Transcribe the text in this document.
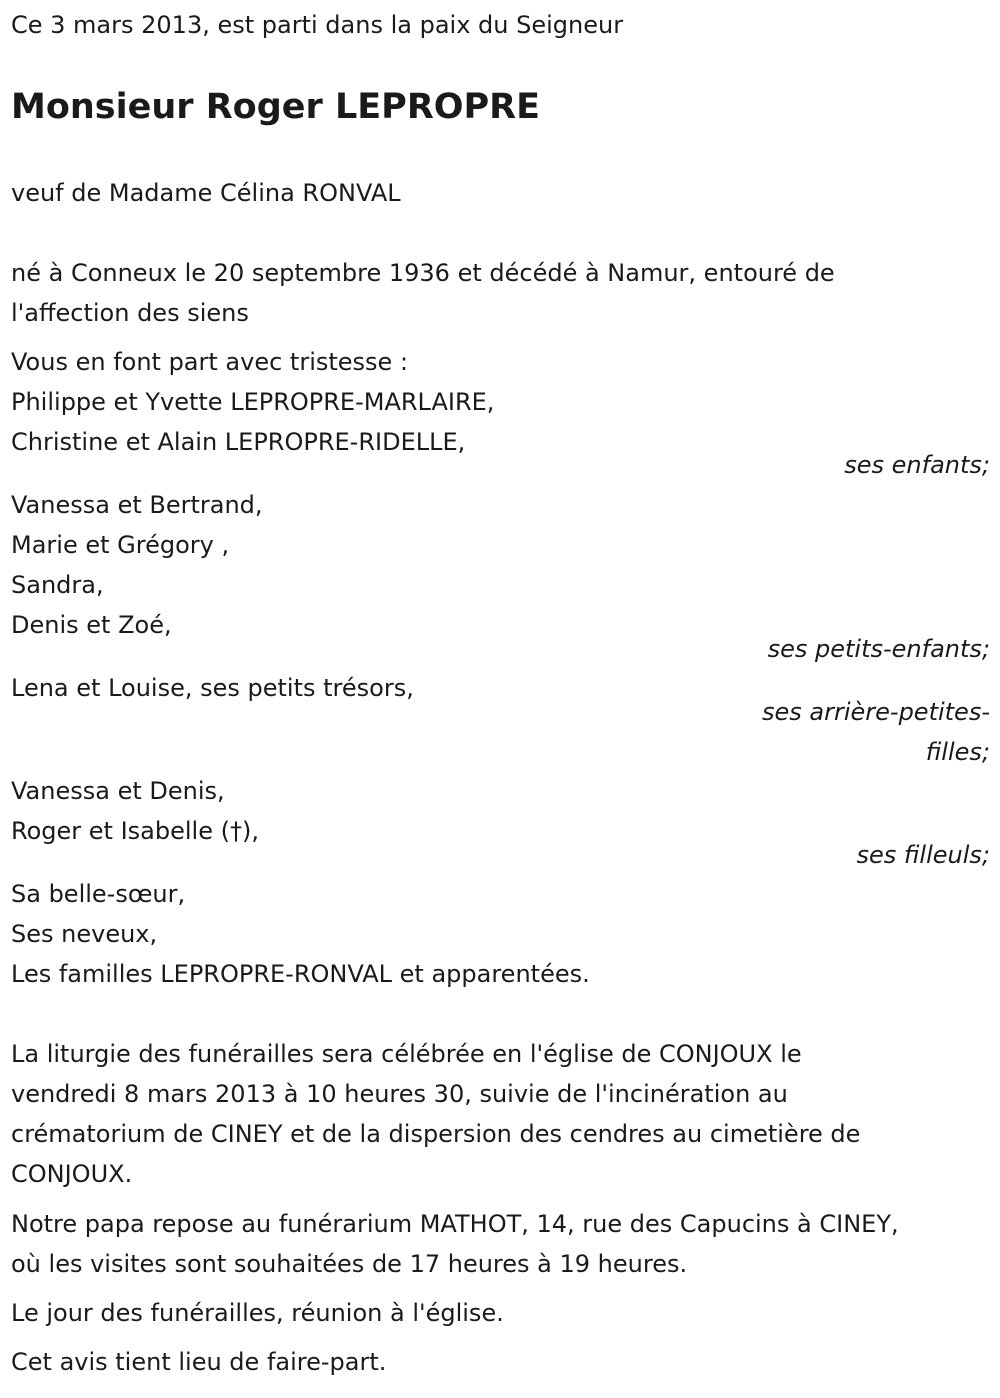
Ce 3 mars 2013, est parti dans la paix du Seigneur
Monsieur Roger LEPROPRE
veuf de Madame Célina RONVAL
né à Conneux le 20 septembre 1936 et décédé à Namur, entouré de
l'affection des siens
Vous en font part avec tristesse :
Philippe et Yvette LEPROPRE-MARLAIRE,
Christine et Alain LEPROPRE-RIDELLE,
ses enfants;
Vanessa et Bertrand,
Marie et Grégory ,
Sandra,
Denis et Zoé,
ses petits-enfants;
Lena et Louise, ses petits trésors,
ses arrière-petites-
filles;
Vanessa et Denis,
Roger et Isabelle (†),
ses filleuls;
Sa belle-sœur,
Ses neveux,
Les familles LEPROPRE-RONVAL et apparentées.
La liturgie des funérailles sera célébrée en l'église de CONJOUX le
vendredi 8 mars 2013 à 10 heures 30, suivie de l'incinération au
crématorium de CINEY et de la dispersion des cendres au cimetière de
CONJOUX.
Notre papa repose au funérarium MATHOT, 14, rue des Capucins à CINEY,
où les visites sont souhaitées de 17 heures à 19 heures.
Le jour des funérailles, réunion à l'église.
Cet avis tient lieu de faire-part.
